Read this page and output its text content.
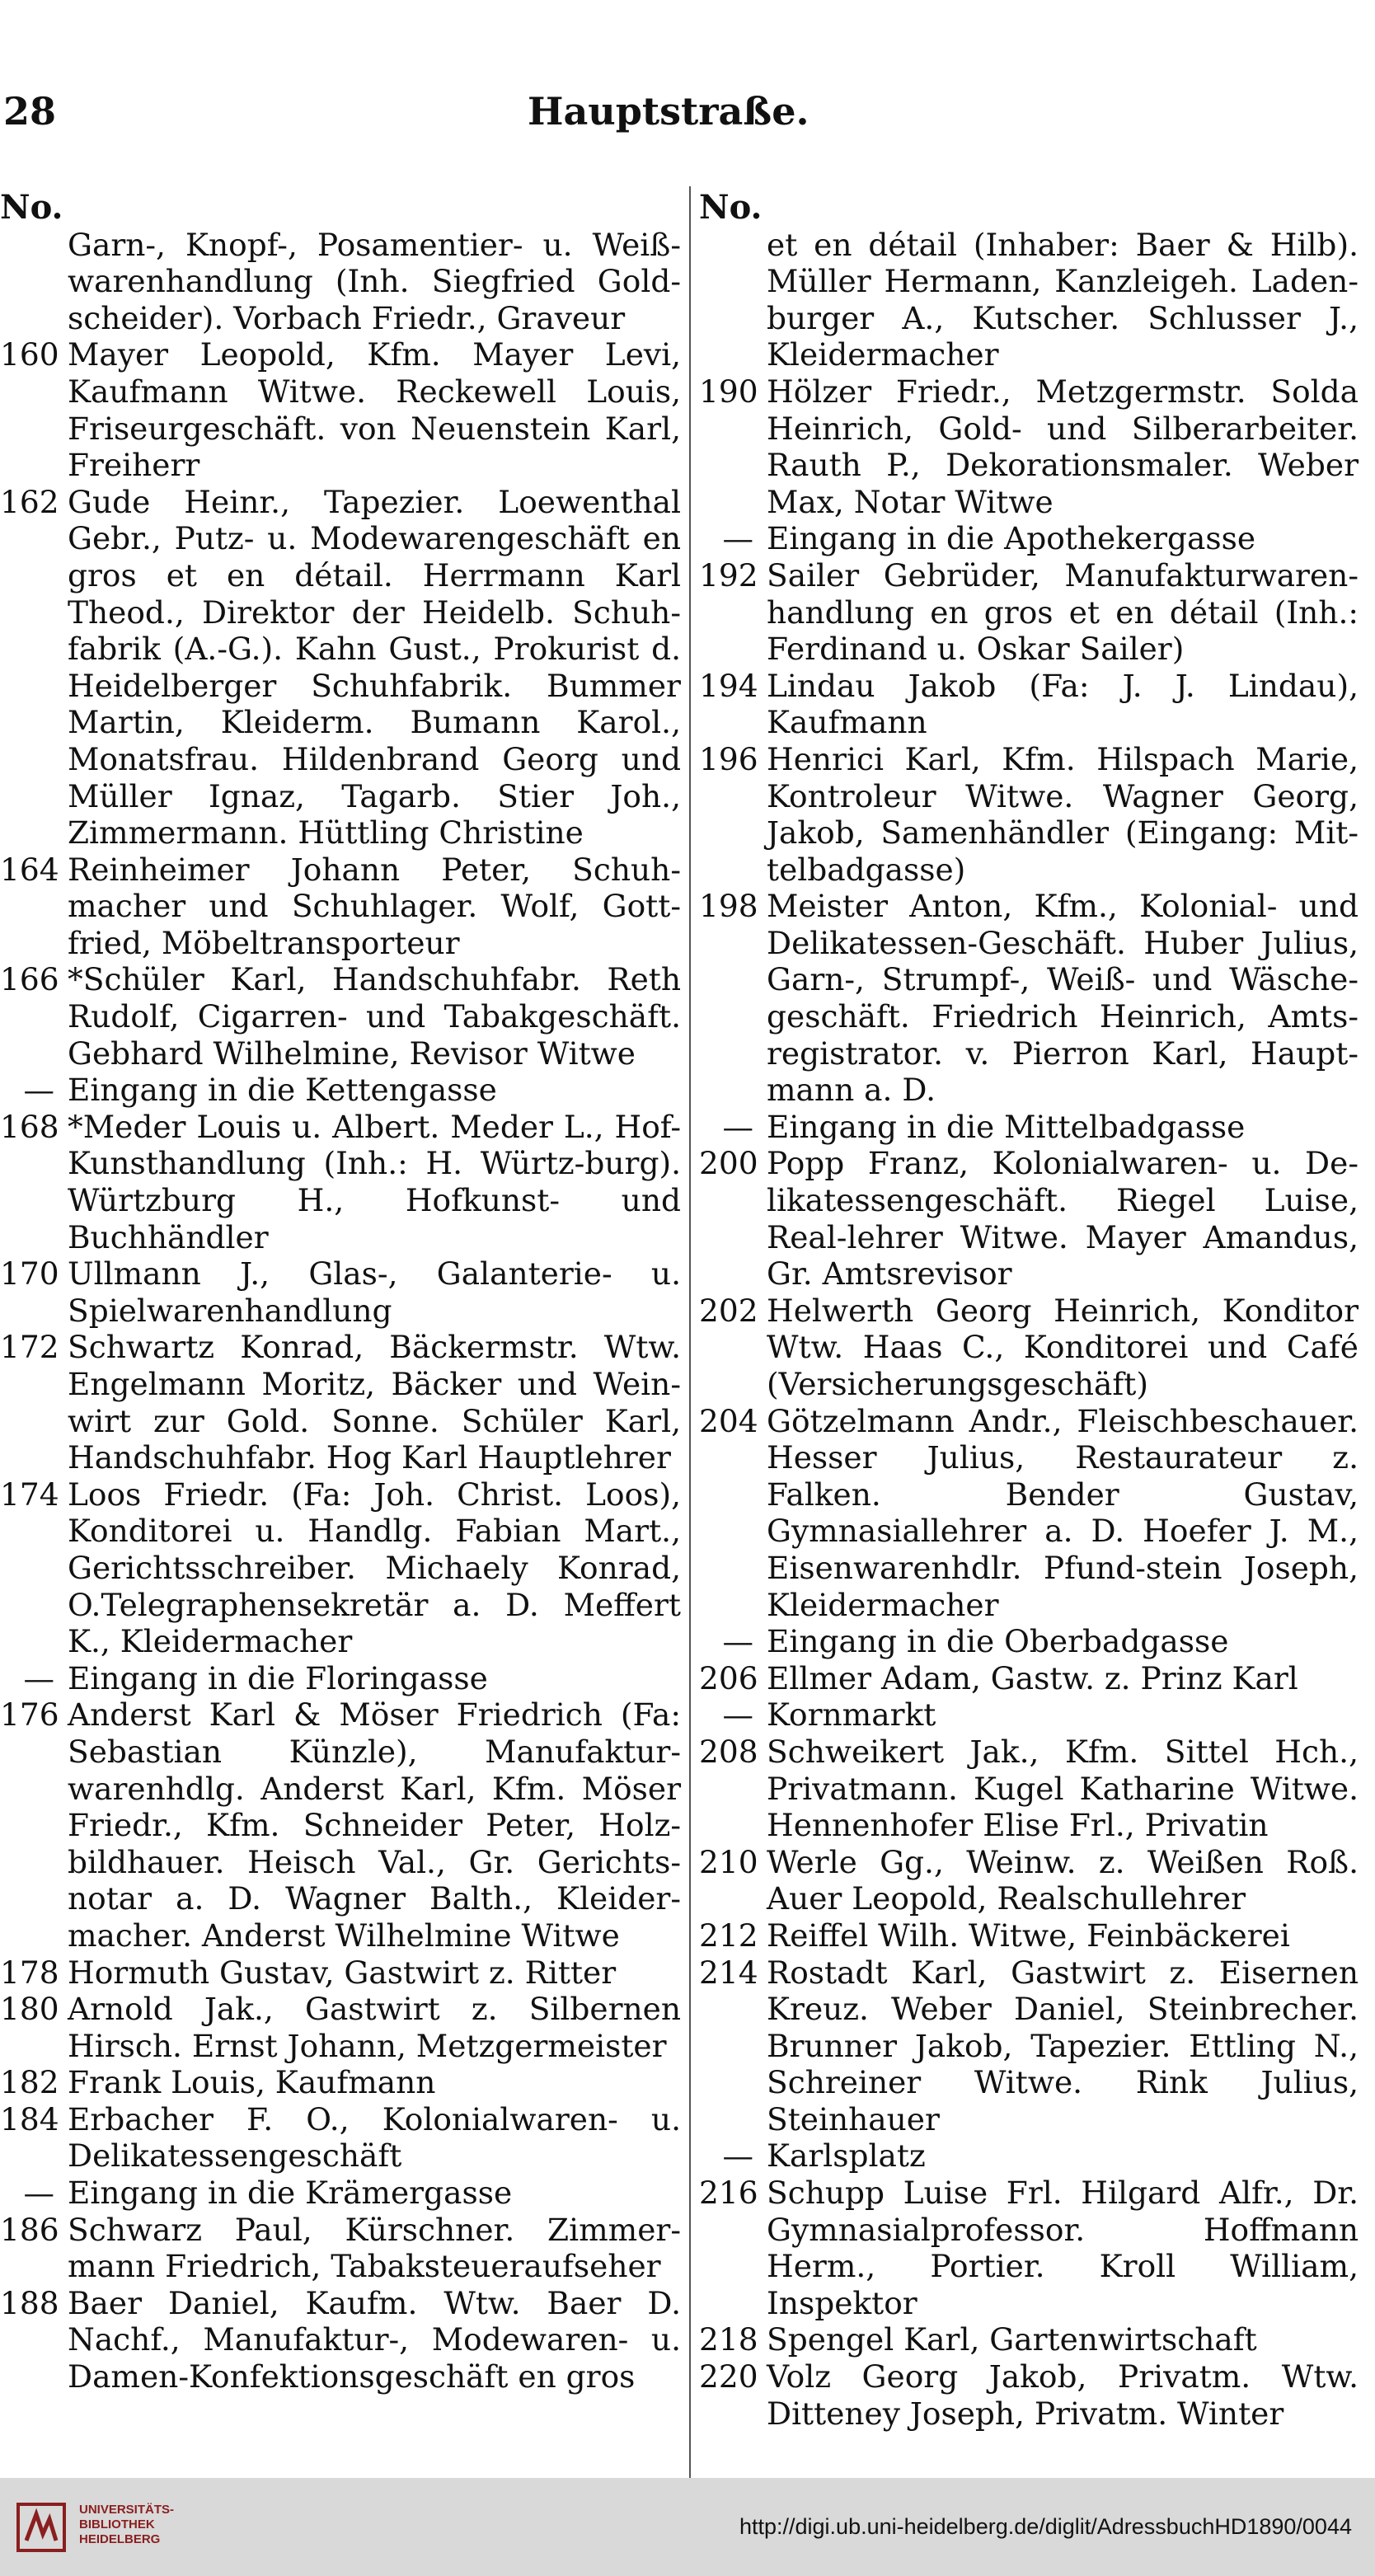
28	Hauptstraße.
No.
Garn-, Knopf-, Posamentier- u. Weiß-warenhandlung (Inh. Siegfried Gold-scheider). Vorbach Friedr., Graveur
160 Mayer Leopold, Kfm. Mayer Levi, Kaufmann Witwe. Reckewell Louis, Friseurgeschäft. von Neuenstein Karl, Freiherr
162 Gude Heinr., Tapezier. Loewenthal Gebr., Putz- u. Modewarengeschäft en gros et en détail. Herrmann Karl Theod., Direktor der Heidelb. Schuh-fabrik (A.-G.). Kahn Gust., Prokurist d. Heidelberger Schuhfabrik. Bummer Martin, Kleiderm. Bumann Karol., Monatsfrau. Hildenbrand Georg und Müller Ignaz, Tagarb. Stier Joh., Zimmermann. Hüttling Christine
164 Reinheimer Johann Peter, Schuh-macher und Schuhlager. Wolf, Gott-fried, Möbeltransporteur
166 *Schüler Karl, Handschuhfabr. Reth Rudolf, Cigarren- und Tabakgeschäft. Gebhard Wilhelmine, Revisor Witwe
— Eingang in die Kettengasse
168 *Meder Louis u. Albert. Meder L., Hof-Kunsthandlung (Inh.: H. Würtz-burg). Würtzburg H., Hofkunst- und Buchhändler
170 Ullmann J., Glas-, Galanterie- u. Spielwarenhandlung
172 Schwartz Konrad, Bäckermstr. Wtw. Engelmann Moritz, Bäcker und Wein-wirt zur Gold. Sonne. Schüler Karl, Handschuhfabr. Hog Karl Hauptlehrer
174 Loos Friedr. (Fa: Joh. Christ. Loos), Konditorei u. Handlg. Fabian Mart., Gerichtsschreiber. Michaely Konrad, O.Telegraphensekretär a. D. Meffert K., Kleidermacher
— Eingang in die Floringasse
176 Anderst Karl & Möser Friedrich (Fa: Sebastian Künzle), Manufaktur-warenhdlg. Anderst Karl, Kfm. Möser Friedr., Kfm. Schneider Peter, Holz-bildhauer. Heisch Val., Gr. Gerichts-notar a. D. Wagner Balth., Kleider-macher. Anderst Wilhelmine Witwe
178 Hormuth Gustav, Gastwirt z. Ritter
180 Arnold Jak., Gastwirt z. Silbernen Hirsch. Ernst Johann, Metzgermeister
182 Frank Louis, Kaufmann
184 Erbacher F. O., Kolonialwaren- u. Delikatessengeschäft
— Eingang in die Krämergasse
186 Schwarz Paul, Kürschner. Zimmer-mann Friedrich, Tabaksteueraufseher
188 Baer Daniel, Kaufm. Wtw. Baer D. Nachf., Manufaktur-, Modewaren- u. Damen-Konfektionsgeschäft en gros
No.
et en détail (Inhaber: Baer & Hilb). Müller Hermann, Kanzleigeh. Laden-burger A., Kutscher. Schlusser J., Kleidermacher
190 Hölzer Friedr., Metzgermstr. Solda Heinrich, Gold- und Silberarbeiter. Rauth P., Dekorationsmaler. Weber Max, Notar Witwe
— Eingang in die Apothekergasse
192 Sailer Gebrüder, Manufakturwaren-handlung en gros et en détail (Inh.: Ferdinand u. Oskar Sailer)
194 Lindau Jakob (Fa: J. J. Lindau), Kaufmann
196 Henrici Karl, Kfm. Hilspach Marie, Kontroleur Witwe. Wagner Georg, Jakob, Samenhändler (Eingang: Mit-telbadgasse)
198 Meister Anton, Kfm., Kolonial- und Delikatessen-Geschäft. Huber Julius, Garn-, Strumpf-, Weiß- und Wäsche-geschäft. Friedrich Heinrich, Amts-registrator. v. Pierron Karl, Haupt-mann a. D.
— Eingang in die Mittelbadgasse
200 Popp Franz, Kolonialwaren- u. De-likatessengeschäft. Riegel Luise, Real-lehrer Witwe. Mayer Amandus, Gr. Amtsrevisor
202 Helwerth Georg Heinrich, Konditor Wtw. Haas C., Konditorei und Café (Versicherungsgeschäft)
204 Götzelmann Andr., Fleischbeschauer. Hesser Julius, Restaurateur z. Falken. Bender Gustav, Gymnasiallehrer a. D. Hoefer J. M., Eisenwarenhdlr. Pfund-stein Joseph, Kleidermacher
— Eingang in die Oberbadgasse
206 Ellmer Adam, Gastw. z. Prinz Karl
— Kornmarkt
208 Schweikert Jak., Kfm. Sittel Hch., Privatmann. Kugel Katharine Witwe. Hennenhofer Elise Frl., Privatin
210 Werle Gg., Weinw. z. Weißen Roß. Auer Leopold, Realschullehrer
212 Reiffel Wilh. Witwe, Feinbäckerei
214 Rostadt Karl, Gastwirt z. Eisernen Kreuz. Weber Daniel, Steinbrecher. Brunner Jakob, Tapezier. Ettling N., Schreiner Witwe. Rink Julius, Steinhauer
— Karlsplatz
216 Schupp Luise Frl. Hilgard Alfr., Dr. Gymnasialprofessor. Hoffmann Herm., Portier. Kroll William, Inspektor
218 Spengel Karl, Gartenwirtschaft
220 Volz Georg Jakob, Privatm. Wtw. Ditteney Joseph, Privatm. Winter
UNIVERSITÄTS-
BIBLIOTHEK
HEIDELBERG
http://digi.ub.uni-heidelberg.de/diglit/AdressbuchHD1890/0044
